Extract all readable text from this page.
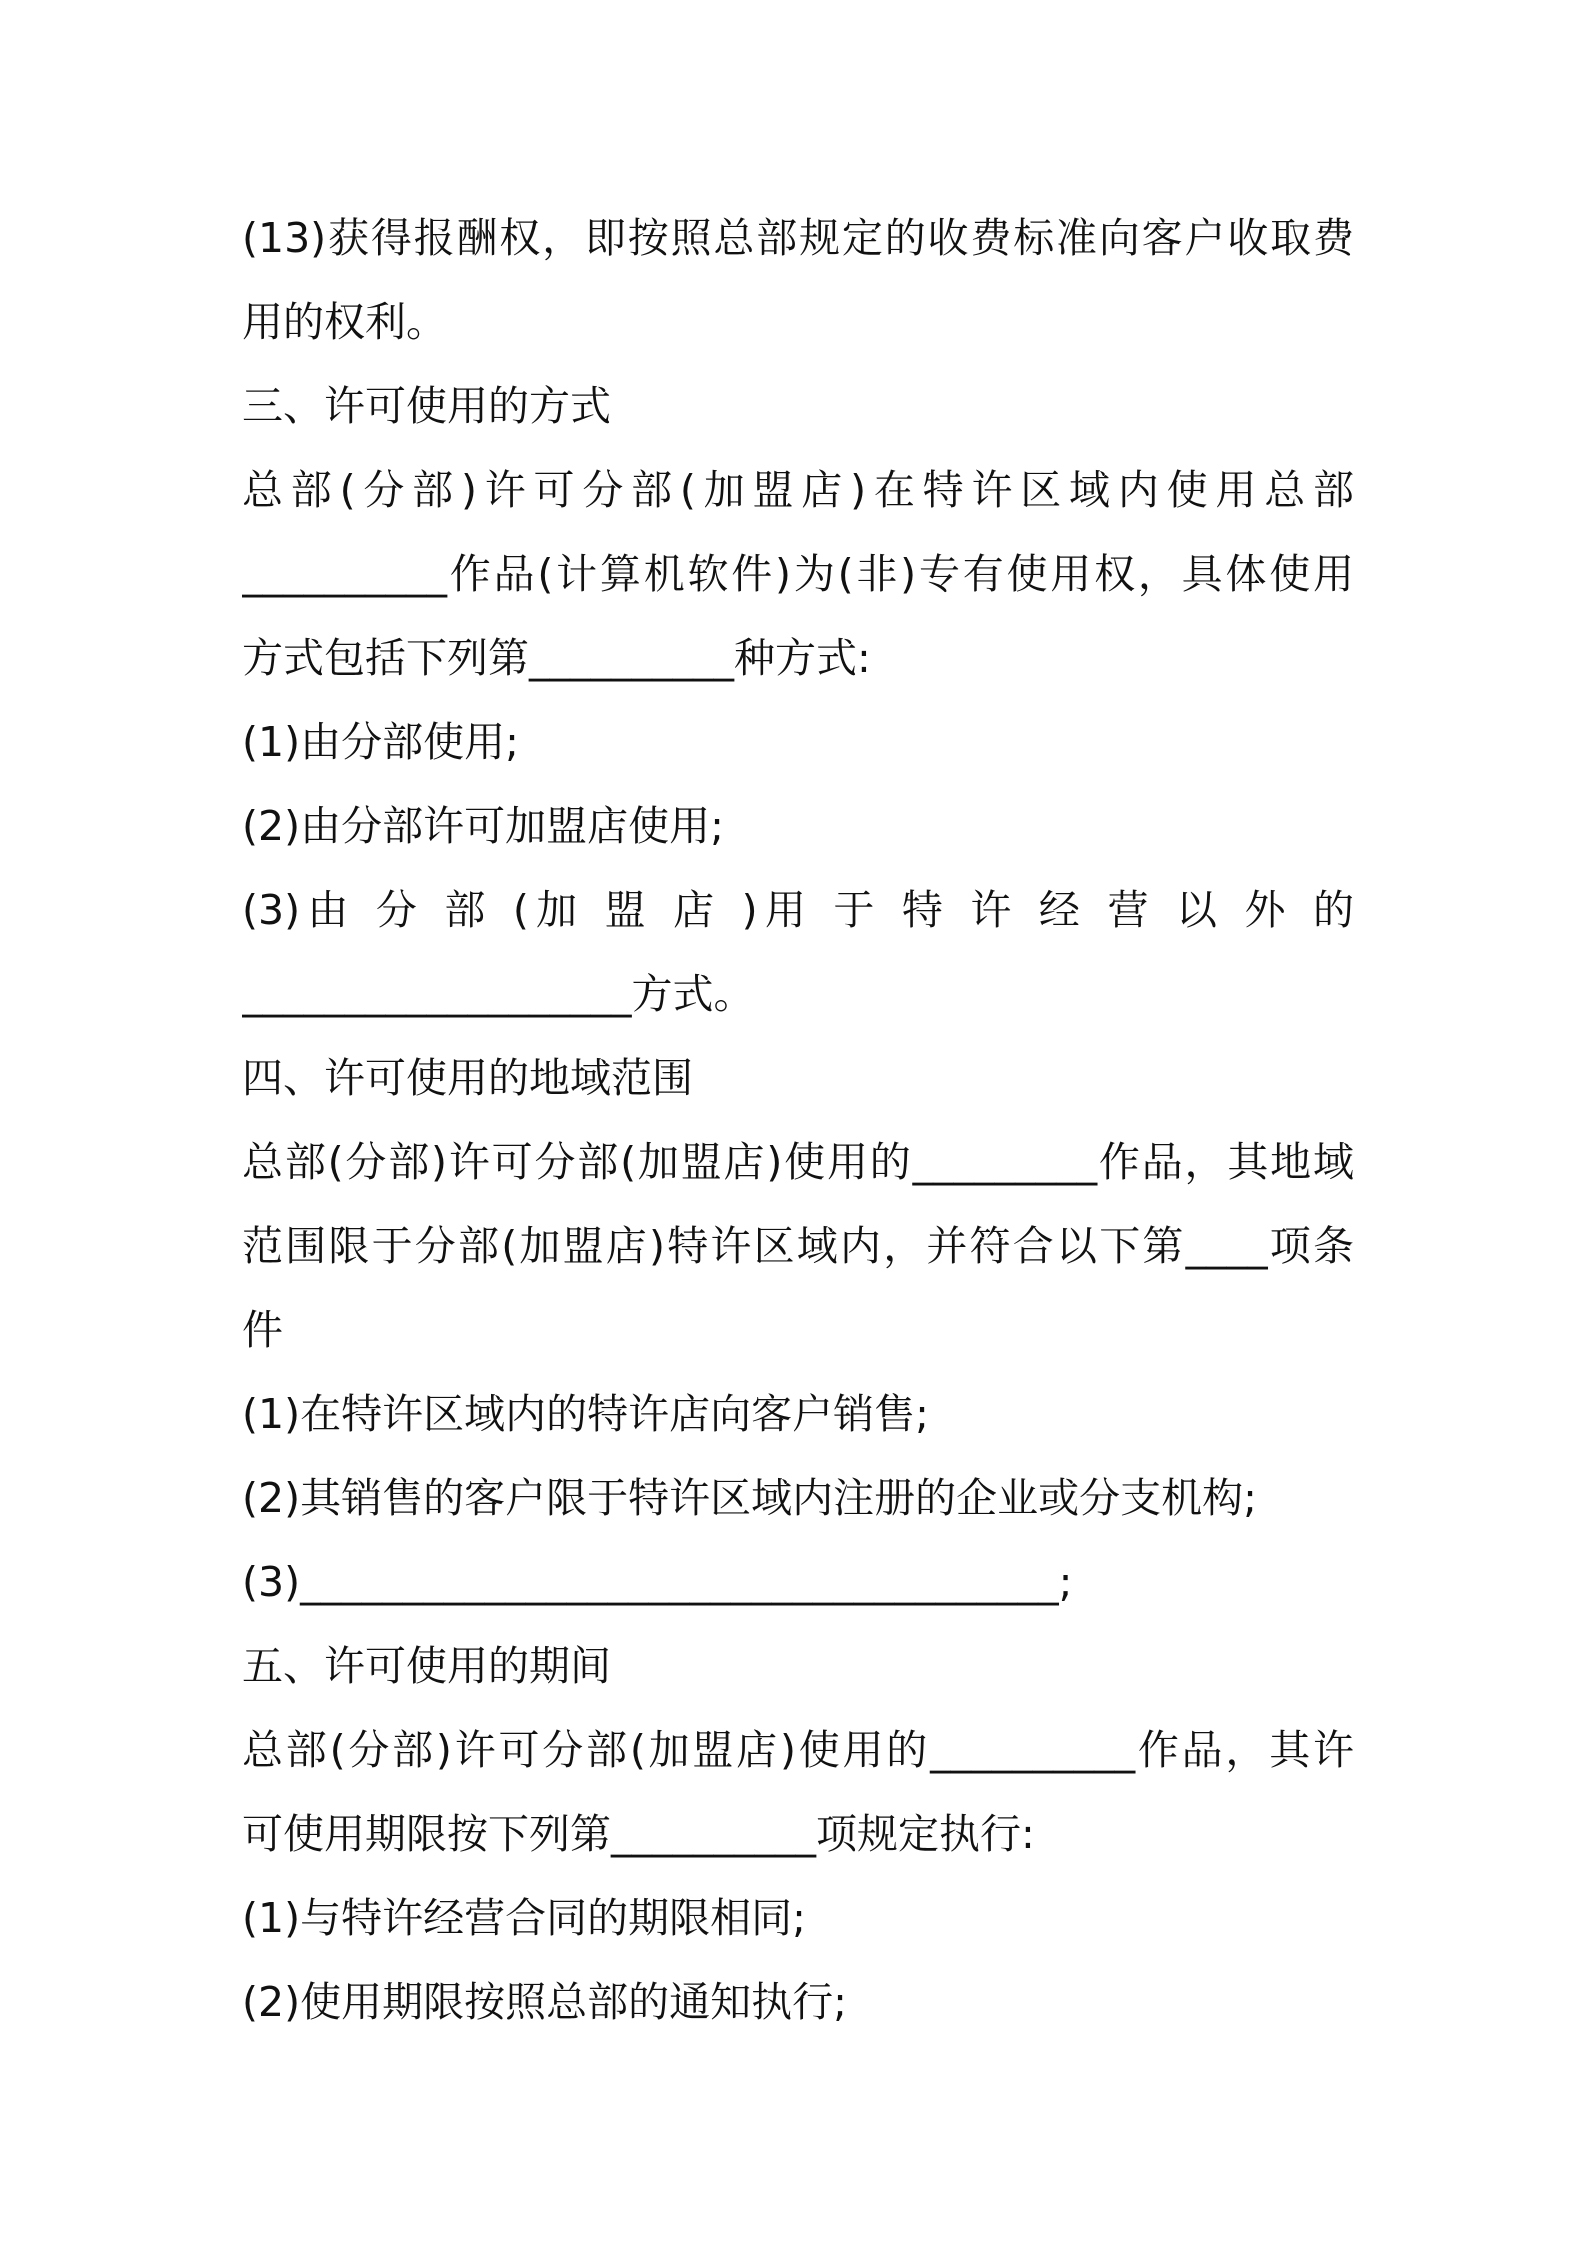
(13)获得报酬权，即按照总部规定的收费标准向客户收取费
用的权利。
三、许可使用的方式
总部(分部)许可分部(加盟店)在特许区域内使用总部
__________作品(计算机软件)为(非)专有使用权，具体使用
方式包括下列第__________种方式:
(1)由分部使用;
(2)由分部许可加盟店使用;
(3)由 分 部 (加 盟 店 )用 于 特 许 经 营 以 外 的
___________________方式。
四、许可使用的地域范围
总部(分部)许可分部(加盟店)使用的_________作品，其地域
范围限于分部(加盟店)特许区域内，并符合以下第____项条
件
(1)在特许区域内的特许店向客户销售;
(2)其销售的客户限于特许区域内注册的企业或分支机构;
(3)_____________________________________;
五、许可使用的期间
总部(分部)许可分部(加盟店)使用的__________作品，其许
可使用期限按下列第__________项规定执行:
(1)与特许经营合同的期限相同;
(2)使用期限按照总部的通知执行;
